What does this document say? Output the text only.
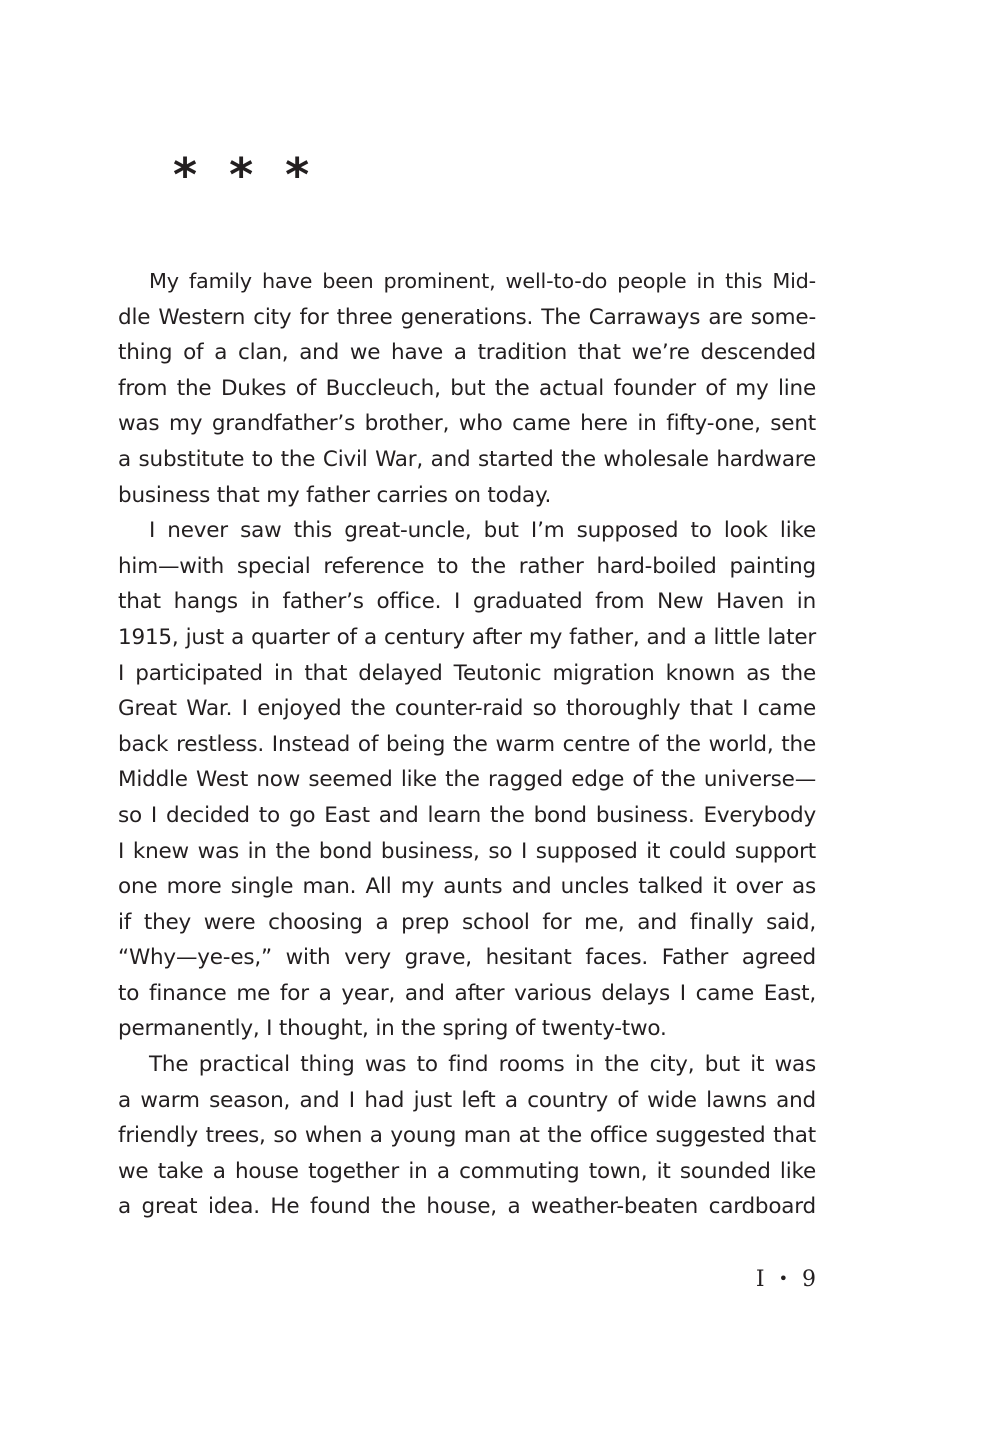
* * *
My family have been prominent, well-to-do people in this Mid-
dle Western city for three generations. The Carraways are some-
thing of a clan, and we have a tradition that we’re descended
from the Dukes of Buccleuch, but the actual founder of my line
was my grandfather’s brother, who came here in fifty-one, sent
a substitute to the Civil War, and started the wholesale hardware
business that my father carries on today.
I never saw this great-uncle, but I’m supposed to look like
him—with special reference to the rather hard-boiled painting
that hangs in father’s office. I graduated from New Haven in
1915, just a quarter of a century after my father, and a little later
I participated in that delayed Teutonic migration known as the
Great War. I enjoyed the counter-raid so thoroughly that I came
back restless. Instead of being the warm centre of the world, the
Middle West now seemed like the ragged edge of the universe—
so I decided to go East and learn the bond business. Everybody
I knew was in the bond business, so I supposed it could support
one more single man. All my aunts and uncles talked it over as
if they were choosing a prep school for me, and finally said,
“Why—ye-es,” with very grave, hesitant faces. Father agreed
to finance me for a year, and after various delays I came East,
permanently, I thought, in the spring of twenty-two.
The practical thing was to find rooms in the city, but it was
a warm season, and I had just left a country of wide lawns and
friendly trees, so when a young man at the office suggested that
we take a house together in a commuting town, it sounded like
a great idea. He found the house, a weather-beaten cardboard
I • 9
